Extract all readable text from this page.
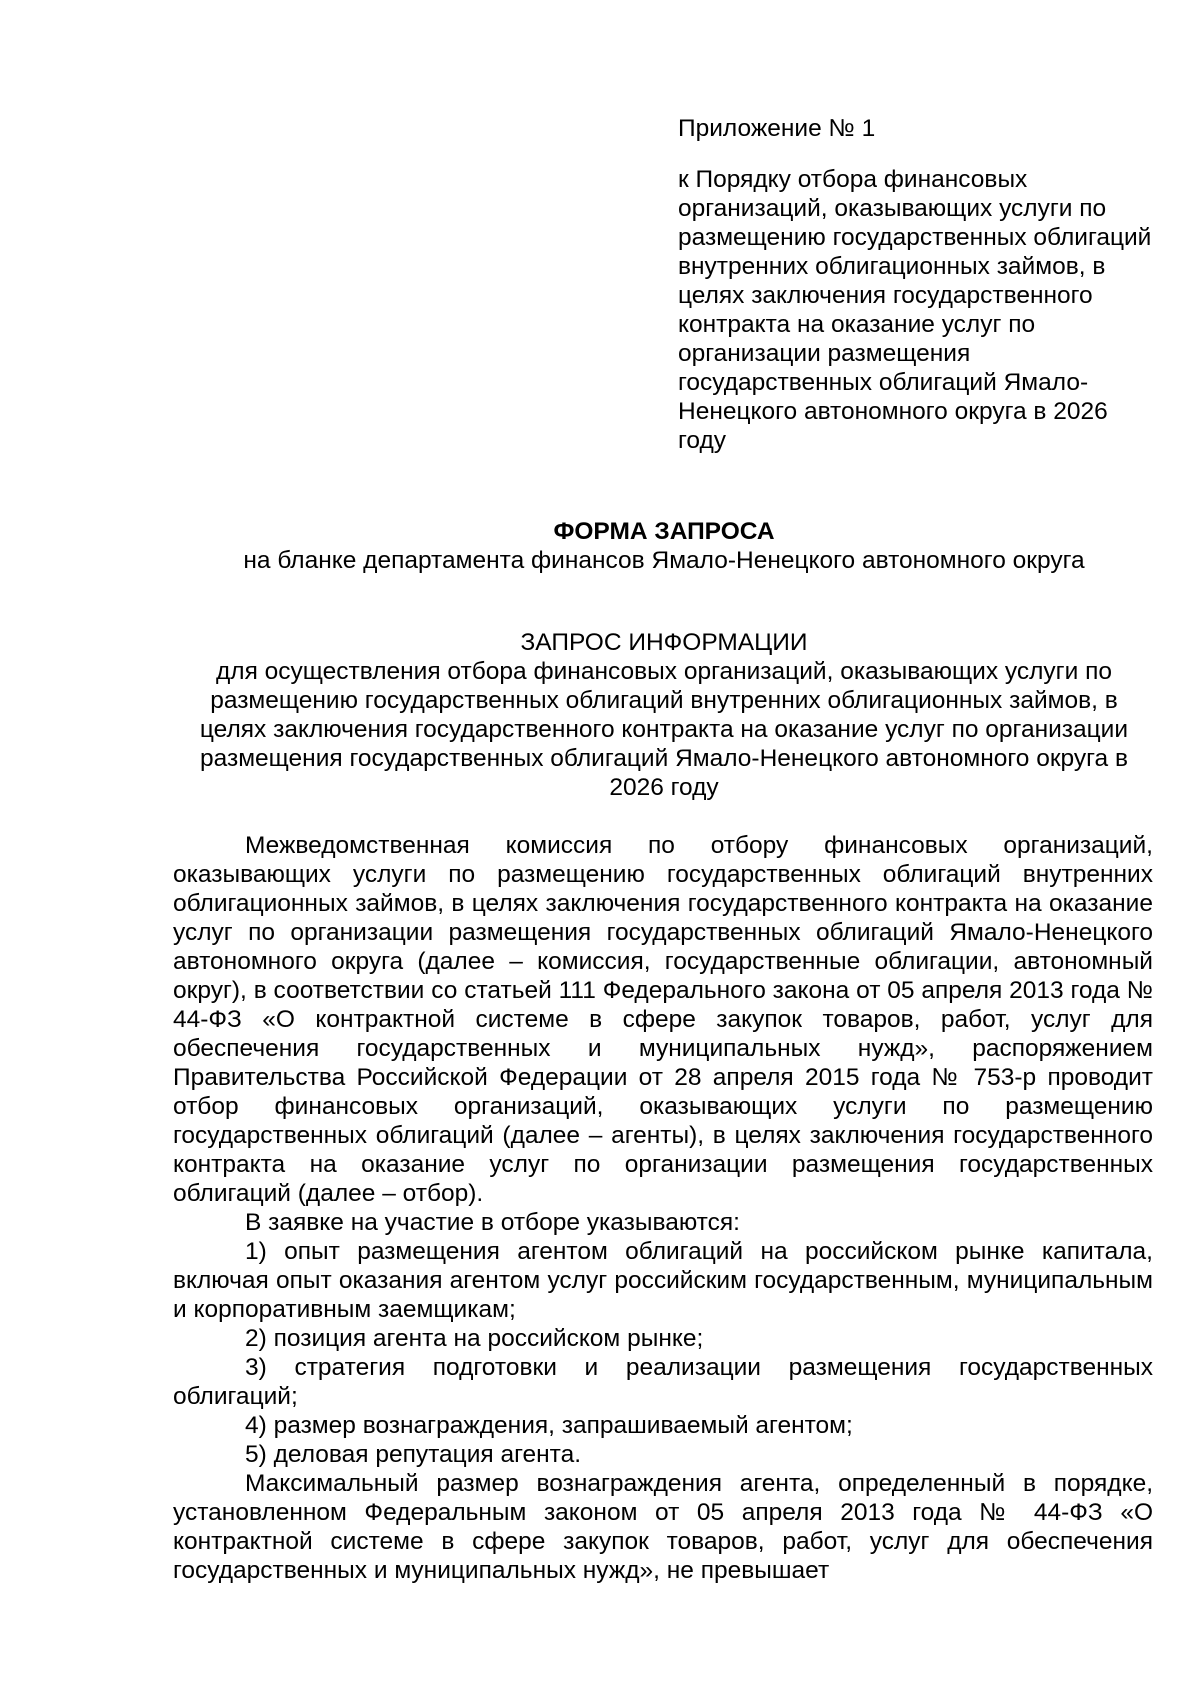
Приложение № 1

к Порядку отбора финансовых организаций, оказывающих услуги по размещению государственных облигаций внутренних облигационных займов, в целях заключения государственного контракта на оказание услуг по организации размещения государственных облигаций Ямало-Ненецкого автономного округа в 2026 году

ФОРМА ЗАПРОСА
на бланке департамента финансов Ямало-Ненецкого автономного округа
ЗАПРОС ИНФОРМАЦИИ
для осуществления отбора финансовых организаций, оказывающих услуги по размещению государственных облигаций внутренних облигационных займов, в целях заключения государственного контракта на оказание услуг по организации размещения государственных облигаций Ямало-Ненецкого автономного округа в 2026 году

Межведомственная комиссия по отбору финансовых организаций, оказывающих услуги по размещению государственных облигаций внутренних облигационных займов, в целях заключения государственного контракта на оказание услуг по организации размещения государственных облигаций Ямало-Ненецкого автономного округа (далее – комиссия, государственные облигации, автономный округ), в соответствии со статьей 111 Федерального закона от 05 апреля 2013 года № 44-ФЗ «О контрактной системе в сфере закупок товаров, работ, услуг для обеспечения государственных и муниципальных нужд», распоряжением Правительства Российской Федерации от 28 апреля 2015 года № 753-р проводит отбор финансовых организаций, оказывающих услуги по размещению государственных облигаций (далее – агенты), в целях заключения государственного контракта на оказание услуг по организации размещения государственных облигаций (далее – отбор).

В заявке на участие в отборе указываются:

1) опыт размещения агентом облигаций на российском рынке капитала, включая опыт оказания агентом услуг российским государственным, муниципальным и корпоративным заемщикам;

2) позиция агента на российском рынке;

3) стратегия подготовки и реализации размещения государственных облигаций;

4) размер вознаграждения, запрашиваемый агентом;

5) деловая репутация агента.

Максимальный размер вознаграждения агента, определенный в порядке, установленном Федеральным законом от 05 апреля 2013 года № 44-ФЗ «О контрактной системе в сфере закупок товаров, работ, услуг для обеспечения государственных и муниципальных нужд», не превышает
